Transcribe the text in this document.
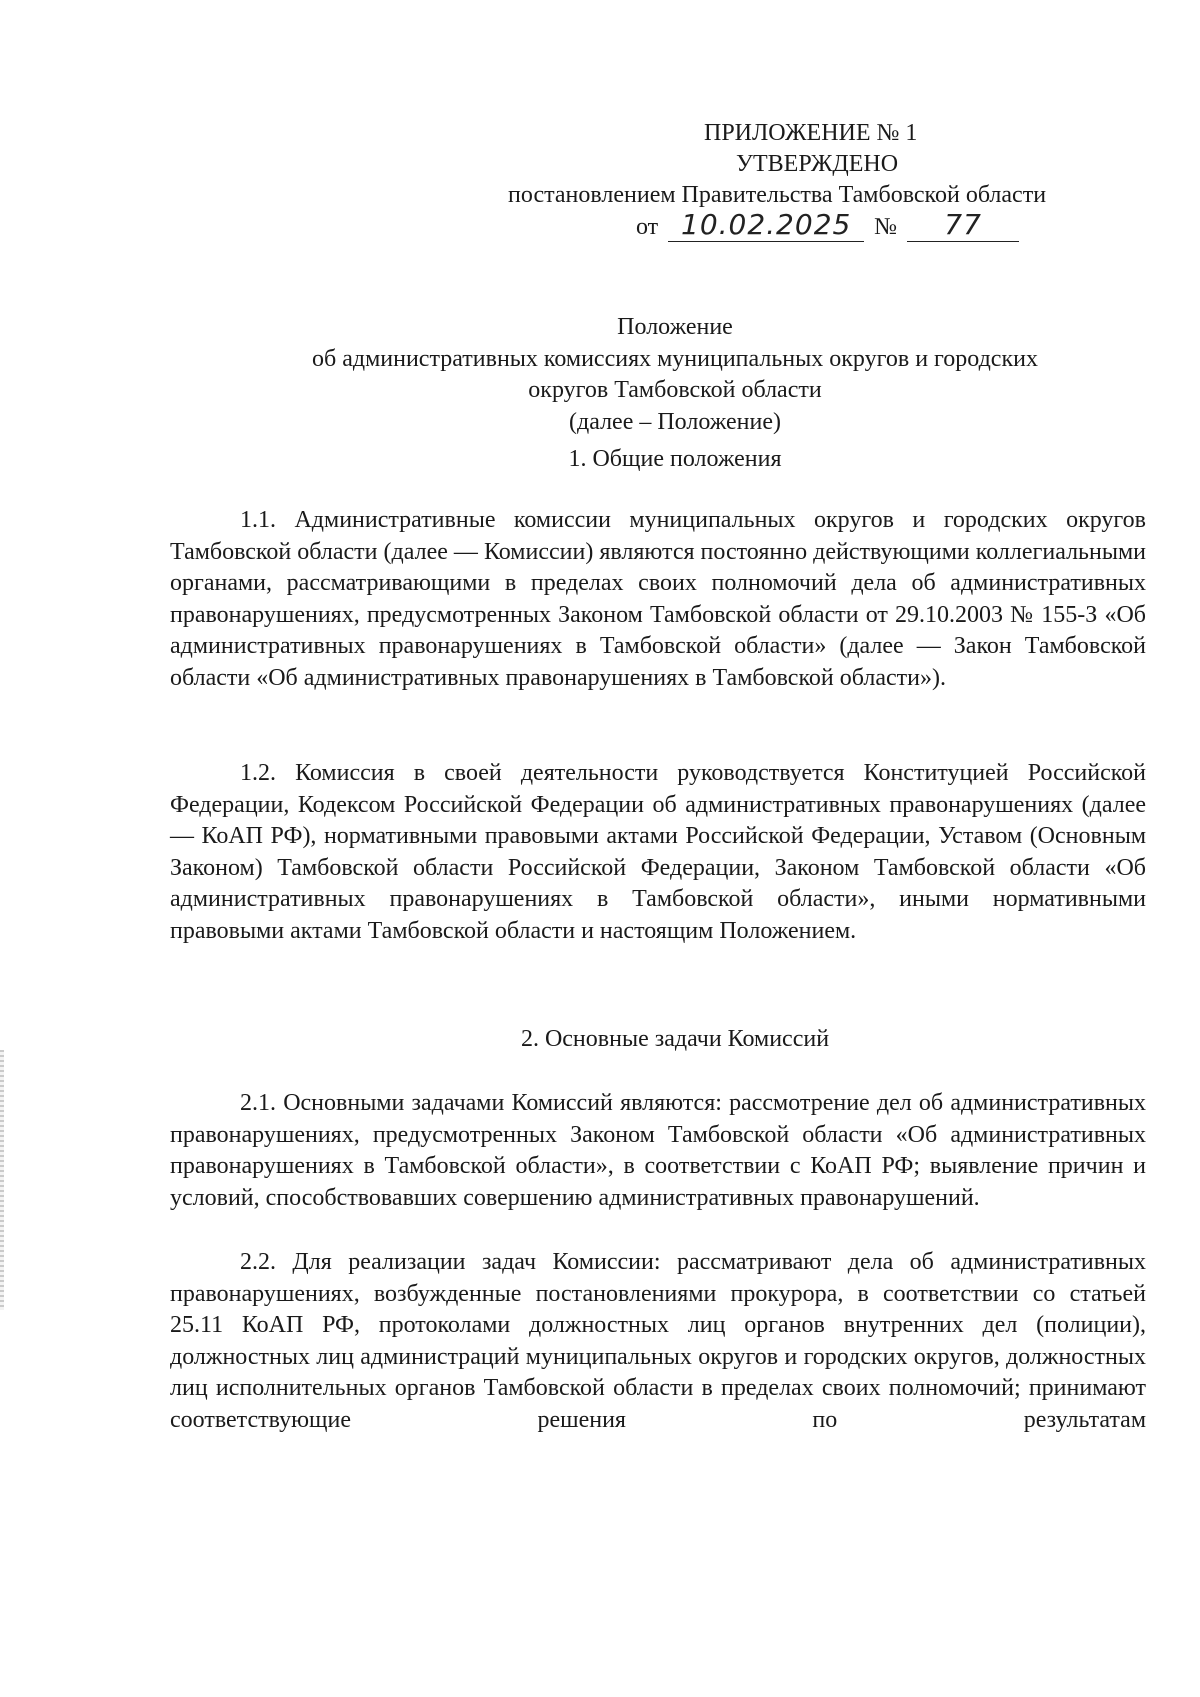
ПРИЛОЖЕНИЕ № 1
УТВЕРЖДЕНО
постановлением Правительства Тамбовской области
от 10.02.2025 № 77
Положение
об административных комиссиях муниципальных округов и городских
округов Тамбовской области
(далее – Положение)
1. Общие положения
1.1. Административные комиссии муниципальных округов и городских округов Тамбовской области (далее — Комиссии) являются постоянно действующими коллегиальными органами, рассматривающими в пределах своих полномочий дела об административных правонарушениях, предусмотренных Законом Тамбовской области от 29.10.2003 № 155-З «Об административных правонарушениях в Тамбовской области» (далее — Закон Тамбовской области «Об административных правонарушениях в Тамбовской области»).
1.2. Комиссия в своей деятельности руководствуется Конституцией Российской Федерации, Кодексом Российской Федерации об административных правонарушениях (далее — КоАП РФ), нормативными правовыми актами Российской Федерации, Уставом (Основным Законом) Тамбовской области Российской Федерации, Законом Тамбовской области «Об административных правонарушениях в Тамбовской области», иными нормативными правовыми актами Тамбовской области и настоящим Положением.
2. Основные задачи Комиссий
2.1. Основными задачами Комиссий являются: рассмотрение дел об административных правонарушениях, предусмотренных Законом Тамбовской области «Об административных правонарушениях в Тамбовской области», в соответствии с КоАП РФ; выявление причин и условий, способствовавших совершению административных правонарушений.
2.2. Для реализации задач Комиссии: рассматривают дела об административных правонарушениях, возбужденные постановлениями прокурора, в соответствии со статьей 25.11 КоАП РФ, протоколами должностных лиц органов внутренних дел (полиции), должностных лиц администраций муниципальных округов и городских округов, должностных лиц исполнительных органов Тамбовской области в пределах своих полномочий; принимают соответствующие решения по результатам
